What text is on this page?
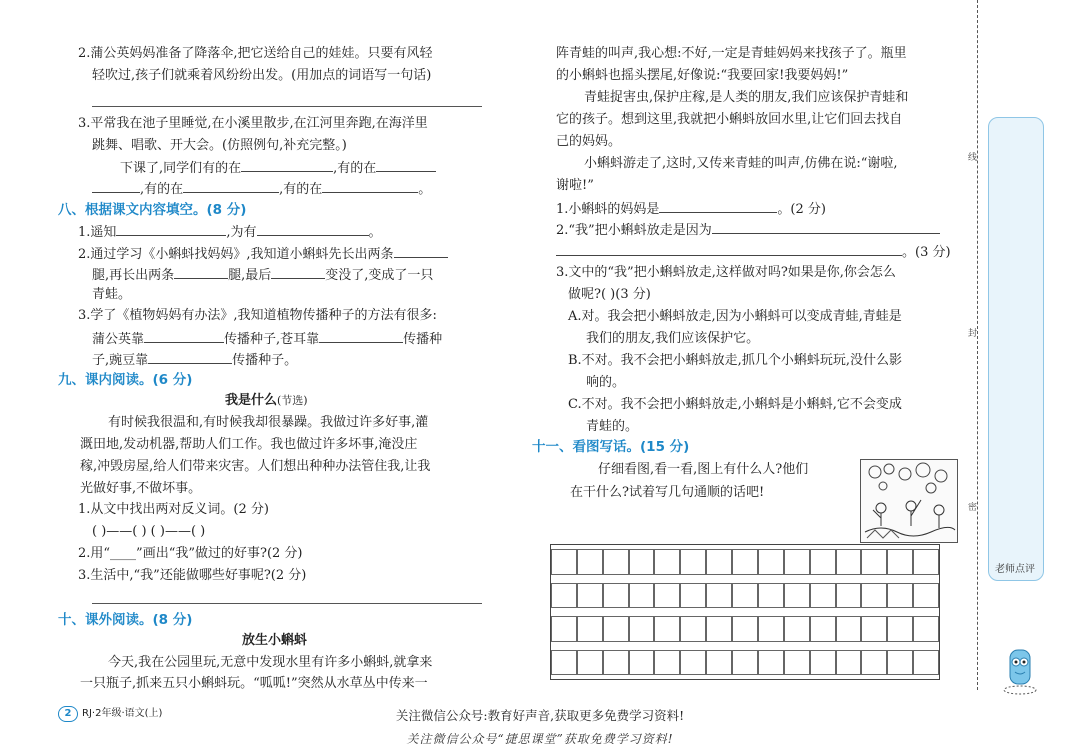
2.蒲公英妈妈准备了降落伞,把它送给自己的娃娃。只要有风轻
轻吹过,孩子们就乘着风纷纷出发。(用加点的词语写一句话)
3.平常我在池子里睡觉,在小溪里散步,在江河里奔跑,在海洋里
跳舞、唱歌、开大会。(仿照例句,补充完整。)
下课了,同学们有的在	,有的在
,有的在	,有的在	。
八、根据课文内容填空。(8 分)
1.遥知	,为有	。
2.通过学习《小蝌蚪找妈妈》,我知道小蝌蚪先长出两条
腿,再长出两条	腿,最后	变没了,变成了一只
青蛙。
3.学了《植物妈妈有办法》,我知道植物传播种子的方法有很多:
蒲公英靠	传播种子,苍耳靠	传播种
子,豌豆靠	传播种子。
九、课内阅读。(6 分)
我是什么(节选)
有时候我很温和,有时候我却很暴躁。我做过许多好事,灌
溉田地,发动机器,帮助人们工作。我也做过许多坏事,淹没庄
稼,冲毁房屋,给人们带来灾害。人们想出种种办法管住我,让我
光做好事,不做坏事。
1.从文中找出两对反义词。(2 分)
( )——( ) ( )——( )
2.用“____”画出“我”做过的好事?(2 分)
3.生活中,“我”还能做哪些好事呢?(2 分)
十、课外阅读。(8 分)
放生小蝌蚪
今天,我在公园里玩,无意中发现水里有许多小蝌蚪,就拿来
一只瓶子,抓来五只小蝌蚪玩。“呱呱!”突然从水草丛中传来一
阵青蛙的叫声,我心想:不好,一定是青蛙妈妈来找孩子了。瓶里
的小蝌蚪也摇头摆尾,好像说:“我要回家!我要妈妈!”
青蛙捉害虫,保护庄稼,是人类的朋友,我们应该保护青蛙和
它的孩子。想到这里,我就把小蝌蚪放回水里,让它们回去找自
己的妈妈。
小蝌蚪游走了,这时,又传来青蛙的叫声,仿佛在说:“谢啦,
谢啦!”
1.小蝌蚪的妈妈是	。(2 分)
2.“我”把小蝌蚪放走是因为
。(3 分)
3.文中的“我”把小蝌蚪放走,这样做对吗?如果是你,你会怎么
做呢?( )(3 分)
A.对。我会把小蝌蚪放走,因为小蝌蚪可以变成青蛙,青蛙是
我们的朋友,我们应该保护它。
B.不对。我不会把小蝌蚪放走,抓几个小蝌蚪玩玩,没什么影
响的。
C.不对。我不会把小蝌蚪放走,小蝌蚪是小蝌蚪,它不会变成
青蛙的。
十一、看图写话。(15 分)
仔细看图,看一看,图上有什么人?他们
在干什么?试着写几句通顺的话吧!
线
封
密
老师点评
2 RJ·2年级·语文(上)	关注微信公众号:教育好声音,获取更多免费学习资料!
关注微信公众号“捷思课堂”获取免费学习资料!
